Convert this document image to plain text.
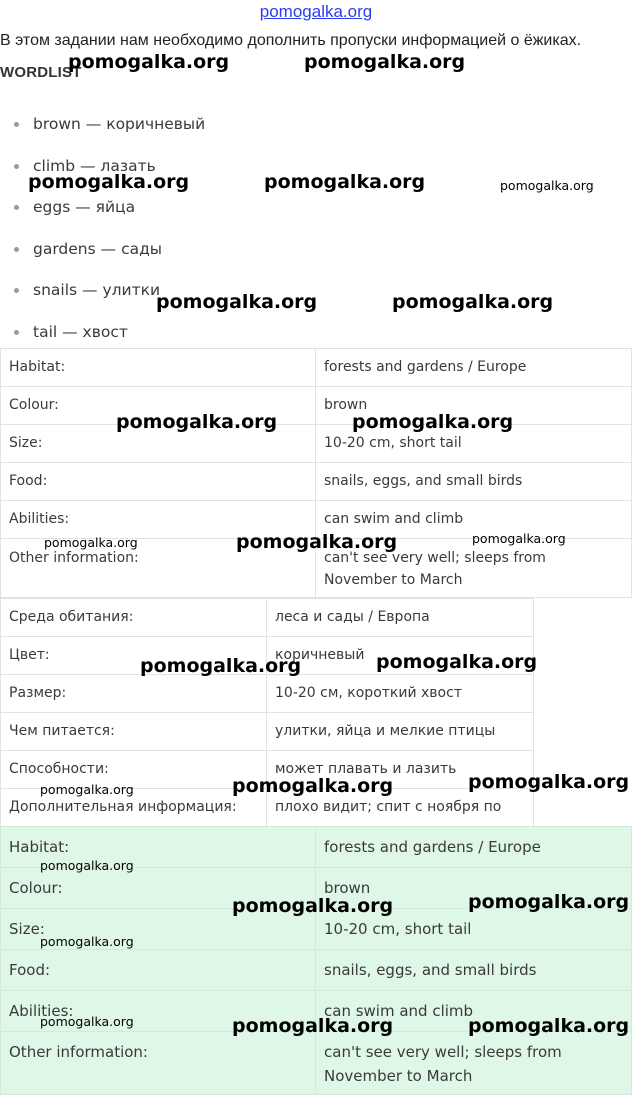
pomogalka.org
В этом задании нам необходимо дополнить пропуски информацией о ёжиках.
WORDLIST
brown — коричневый
climb — лазать
eggs — яйца
gardens — сады
snails — улитки
tail — хвост
Habitat:	forests and gardens / Europe
Colour:	brown
Size:	10-20 cm, short tail
Food:	snails, eggs, and small birds
Abilities:	can swim and climb
Other information:	can't see very well; sleeps from November to March
Среда обитания:	леса и сады / Европа
Цвет:	коричневый
Размер:	10-20 см, короткий хвост
Чем питается:	улитки, яйца и мелкие птицы
Способности:	может плавать и лазить
Дополнительная информация:	плохо видит; спит с ноября по
Habitat:	forests and gardens / Europe
Colour:	brown
Size:	10-20 cm, short tail
Food:	snails, eggs, and small birds
Abilities:	can swim and climb
Other information:	can't see very well; sleeps from November to March
pomogalka.org	pomogalka.org
pomogalka.org	pomogalka.org	pomogalka.org
pomogalka.org	pomogalka.org
pomogalka.org	pomogalka.org
pomogalka.org	pomogalka.org	pomogalka.org
pomogalka.org	pomogalka.org
pomogalka.org	pomogalka.org	pomogalka.org
pomogalka.org
pomogalka.org	pomogalka.org
pomogalka.org
pomogalka.org	pomogalka.org	pomogalka.org
